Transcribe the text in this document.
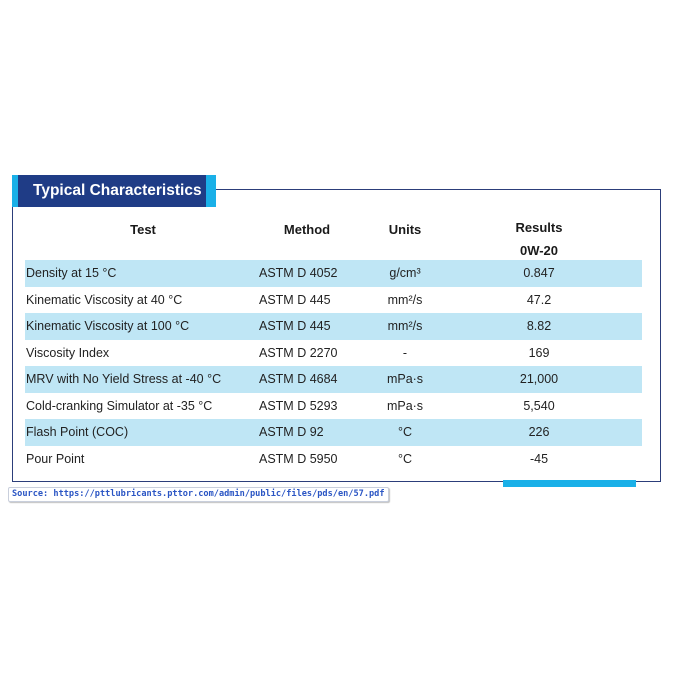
Typical Characteristics
Test	Method	Units	Results
0W-20
Density at 15 °C	ASTM D 4052	g/cm³	0.847
Kinematic Viscosity at 40 °C	ASTM D 445	mm²/s	47.2
Kinematic Viscosity at 100 °C	ASTM D 445	mm²/s	8.82
Viscosity Index	ASTM D 2270	-	169
MRV with No Yield Stress at -40 °C	ASTM D 4684	mPa·s	21,000
Cold-cranking Simulator at -35 °C	ASTM D 5293	mPa·s	5,540
Flash Point (COC)	ASTM D 92	°C	226
Pour Point	ASTM D 5950	°C	-45
Source: https://pttlubricants.pttor.com/admin/public/files/pds/en/57.pdf
